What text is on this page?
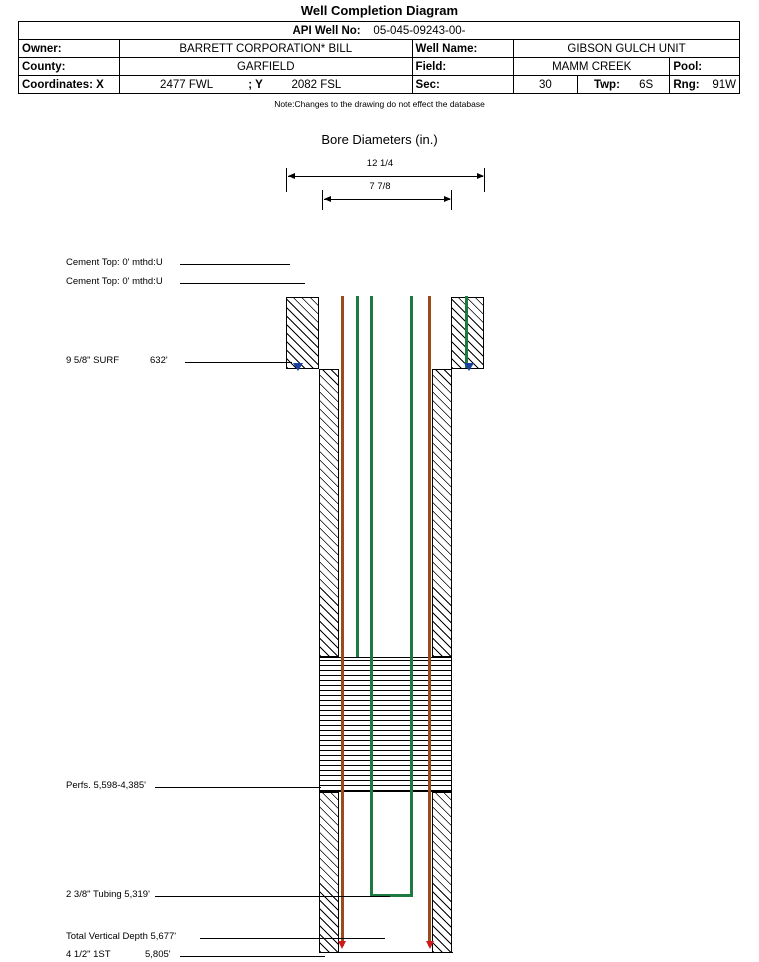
Well Completion Diagram
API Well No: 05-045-09243-00-					
Owner:	BARRETT CORPORATION* BILL	Well Name:	GIBSON GULCH UNIT		
County:	GARFIELD	Field:	MAMM CREEK		Pool:
Coordinates: X	2477 FWL ; Y 2082 FSL	Sec:	30	Twp: 6S	Rng: 91W
Note:Changes to the drawing do not effect the database
Bore Diameters (in.)
12 1/4
7 7/8
Cement Top: 0' mthd:U
Cement Top: 0' mthd:U
9 5/8" SURF	632'
Perfs. 5,598-4,385'
2 3/8" Tubing 5,319'
Total Vertical Depth 5,677'
4 1/2" 1ST	5,805'
